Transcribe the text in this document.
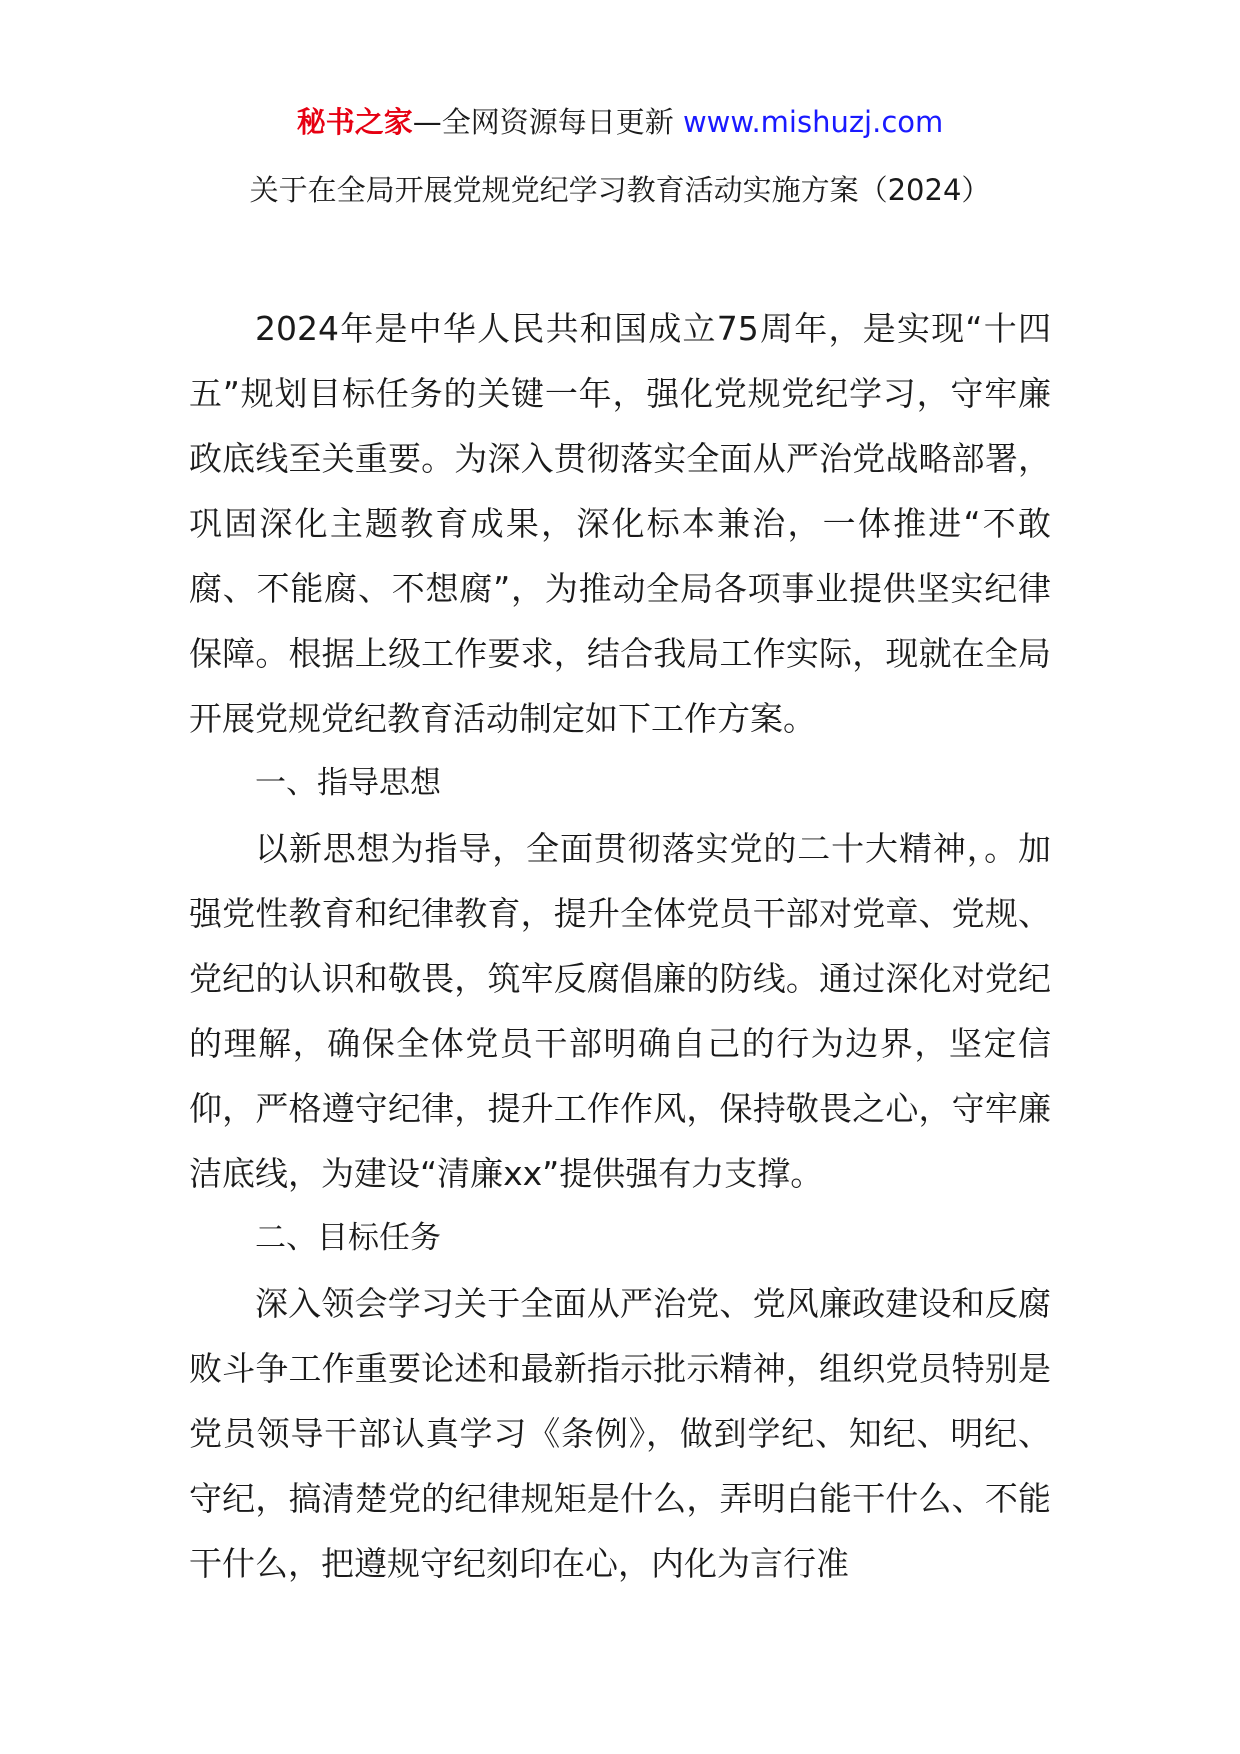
秘书之家—全网资源每日更新 www.mishuzj.com
关于在全局开展党规党纪学习教育活动实施方案（2024）

2024年是中华人民共和国成立75周年，是实现“十四五”规划目标任务的关键一年，强化党规党纪学习，守牢廉政底线至关重要。为深入贯彻落实全面从严治党战略部署，巩固深化主题教育成果，深化标本兼治，一体推进“不敢腐、不能腐、不想腐”，为推动全局各项事业提供坚实纪律保障。根据上级工作要求，结合我局工作实际，现就在全局开展党规党纪教育活动制定如下工作方案。

一、指导思想

以新思想为指导，全面贯彻落实党的二十大精神，。加强党性教育和纪律教育，提升全体党员干部对党章、党规、党纪的认识和敬畏，筑牢反腐倡廉的防线。通过深化对党纪的理解，确保全体党员干部明确自己的行为边界，坚定信仰，严格遵守纪律，提升工作作风，保持敬畏之心，守牢廉洁底线，为建设“清廉xx”提供强有力支撑。

二、目标任务

深入领会学习关于全面从严治党、党风廉政建设和反腐败斗争工作重要论述和最新指示批示精神，组织党员特别是党员领导干部认真学习《条例》，做到学纪、知纪、明纪、守纪，搞清楚党的纪律规矩是什么，弄明白能干什么、不能干什么，把遵规守纪刻印在心，内化为言行准
